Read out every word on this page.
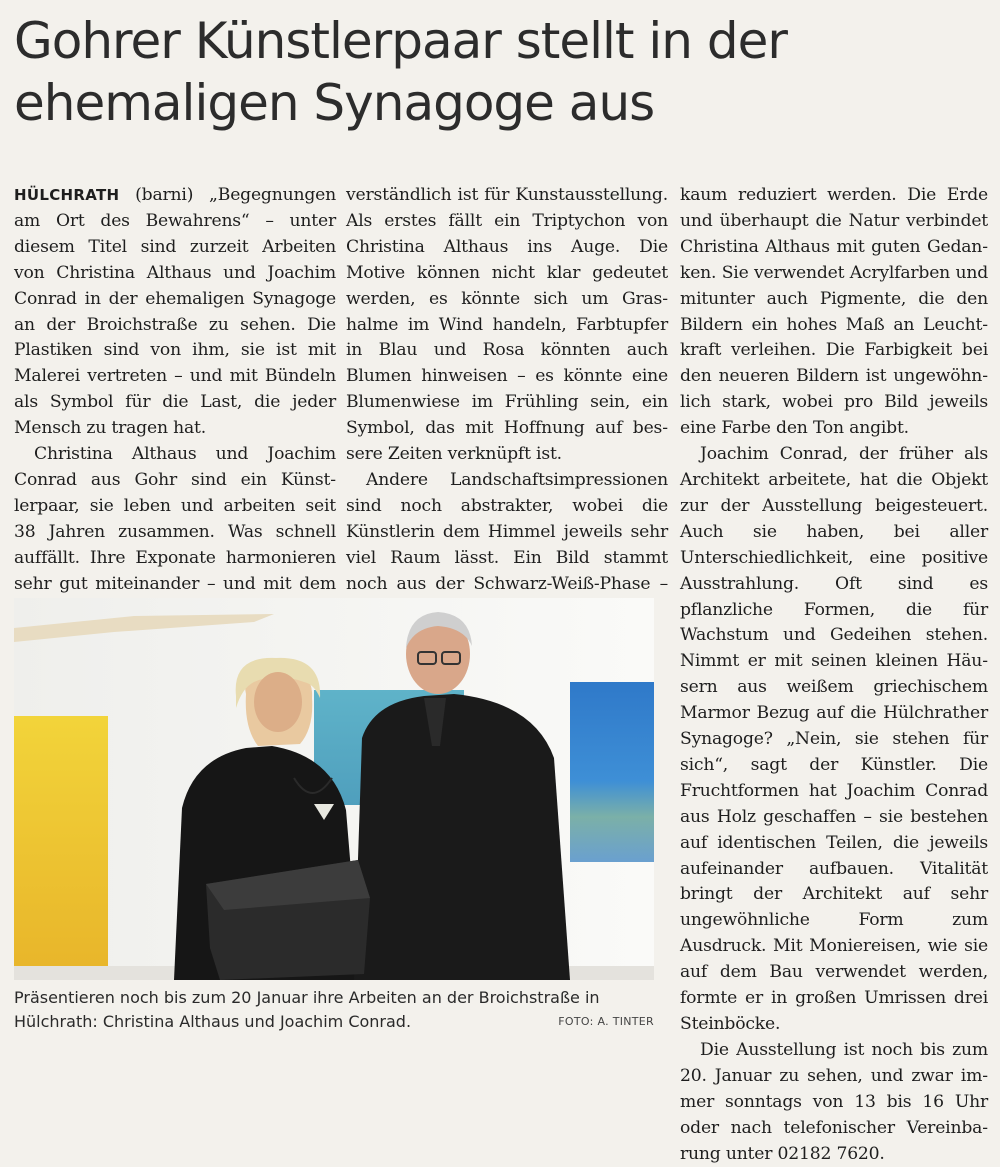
Gohrer Künstlerpaar stellt in der ehemaligen Synagoge aus

HÜLCHRATH (barni) „Begegnungen am Ort des Bewahrens“ – unter diesem Titel sind zurzeit Arbeiten von Christina Althaus und Joachim Conrad in der ehemaligen Synagoge an der Broichstraße zu sehen. Die Plastiken sind von ihm, sie ist mit Malerei vertreten – und mit Bündeln als Symbol für die Last, die jeder Mensch zu tragen hat.

Christina Althaus und Joachim Conrad aus Gohr sind ein Künstlerpaar, sie leben und arbeiten seit 38 Jahren zusammen. Was schnell auffällt. Ihre Exponate harmonieren sehr gut miteinander – und mit dem

verständlich ist für Kunstausstellung. Als erstes fällt ein Triptychon von Christina Althaus ins Auge. Die Motive können nicht klar gedeutet werden, es könnte sich um Grashalme im Wind handeln, Farbtupfer in Blau und Rosa könnten auch Blumen hinweisen – es könnte eine Blumenwiese im Frühling sein, ein Symbol, das mit Hoffnung auf bessere Zeiten verknüpft ist.

Andere Landschaftsimpressionen sind noch abstrakter, wobei die Künstlerin dem Himmel jeweils sehr viel Raum lässt. Ein Bild stammt noch aus der Schwarz-Weiß-Phase –

kaum reduziert werden. Die Erde und überhaupt die Natur verbindet Christina Althaus mit guten Gedanken. Sie verwendet Acrylfarben und mitunter auch Pigmente, die den Bildern ein hohes Maß an Leuchtkraft verleihen. Die Farbigkeit bei den neueren Bildern ist ungewöhnlich stark, wobei pro Bild jeweils eine Farbe den Ton angibt.

Joachim Conrad, der früher als Architekt arbeitete, hat die Objekt zur der Ausstellung beigesteuert. Auch sie haben, bei aller Unterschiedlichkeit, eine positive Ausstrahlung. Oft sind es pflanzliche Formen, die für Wachstum und Gedeihen stehen. Nimmt er mit seinen kleinen Häusern aus weißem griechischem Marmor Bezug auf die Hülchrather Synagoge? „Nein, sie stehen für sich“, sagt der Künstler. Die Fruchtformen hat Joachim Conrad aus Holz geschaffen – sie bestehen auf identischen Teilen, die jeweils aufeinander aufbauen. Vitalität bringt der Architekt auf sehr ungewöhnliche Form zum Ausdruck. Mit Moniereisen, wie sie auf dem Bau verwendet werden, formte er in großen Umrissen drei Steinböcke.

Die Ausstellung ist noch bis zum 20. Januar zu sehen, und zwar immer sonntags von 13 bis 16 Uhr oder nach telefonischer Vereinbarung unter 02182 7620.

Präsentieren noch bis zum 20 Januar ihre Arbeiten an der Broichstraße in Hülchrath: Christina Althaus und Joachim Conrad.	FOTO: A. TINTER
